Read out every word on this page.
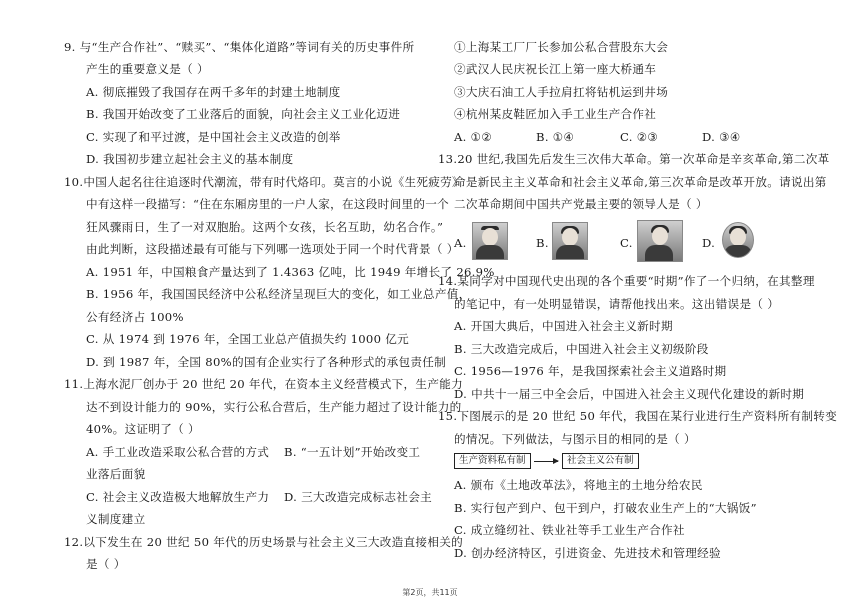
9. 与“生产合作社”、“赎买”、“集体化道路”等词有关的历史事件所
产生的重要意义是（ ）
A. 彻底摧毁了我国存在两千多年的封建土地制度
B. 我国开始改变了工业落后的面貌，向社会主义工业化迈进
C. 实现了和平过渡，是中国社会主义改造的创举
D. 我国初步建立起社会主义的基本制度
10.中国人起名往往追逐时代潮流，带有时代烙印。莫言的小说《生死疲劳》
中有这样一段描写：“住在东厢房里的一户人家，在这段时间里的一个
狂风骤雨日，生了一对双胞胎。这两个女孩，长名互助，幼名合作。”
由此判断，这段描述最有可能与下列哪一选项处于同一个时代背景（ ）
A. 1951 年，中国粮食产量达到了 1.4363 亿吨，比 1949 年增长了 26.9%
B. 1956 年，我国国民经济中公私经济呈现巨大的变化，如工业总产值，
公有经济占 100%
C. 从 1974 到 1976 年，全国工业总产值损失约 1000 亿元
D. 到 1987 年，全国 80%的国有企业实行了各种形式的承包责任制
11.上海水泥厂创办于 20 世纪 20 年代，在资本主义经营模式下，生产能力
达不到设计能力的 90%，实行公私合营后，生产能力超过了设计能力的
40%。这证明了（ ）
A. 手工业改造采取公私合营的方式 B. “一五计划”开始改变工
业落后面貌
C. 社会主义改造极大地解放生产力 D. 三大改造完成标志社会主
义制度建立
12.以下发生在 20 世纪 50 年代的历史场景与社会主义三大改造直接相关的
是（ ）
①上海某工厂厂长参加公私合营股东大会
②武汉人民庆祝长江上第一座大桥通车
③大庆石油工人手拉肩扛将钻机运到井场
④杭州某皮鞋匠加入手工业生产合作社
A. ①②	B. ①④	C. ②③	D. ③④
13.20 世纪,我国先后发生三次伟大革命。第一次革命是辛亥革命,第二次革
命是新民主主义革命和社会主义革命,第三次革命是改革开放。请说出第
二次革命期间中国共产党最主要的领导人是（ ）
A.	B.	C.	D.
14.某同学对中国现代史出现的各个重要“时期”作了一个归纳，在其整理
的笔记中，有一处明显错误，请帮他找出来。这出错误是（ ）
A. 开国大典后，中国进入社会主义新时期
B. 三大改造完成后，中国进入社会主义初级阶段
C. 1956—1976 年，是我国探索社会主义道路时期
D. 中共十一届三中全会后，中国进入社会主义现代化建设的新时期
15.下图展示的是 20 世纪 50 年代，我国在某行业进行生产资料所有制转变
的情况。下列做法，与图示目的相同的是（ ）
生产资料私有制	社会主义公有制
A. 颁布《土地改革法》，将地主的土地分给农民
B. 实行包产到户、包干到户，打破农业生产上的“大锅饭”
C. 成立缝纫社、铁业社等手工业生产合作社
D. 创办经济特区，引进资金、先进技术和管理经验
第2页，共11页
